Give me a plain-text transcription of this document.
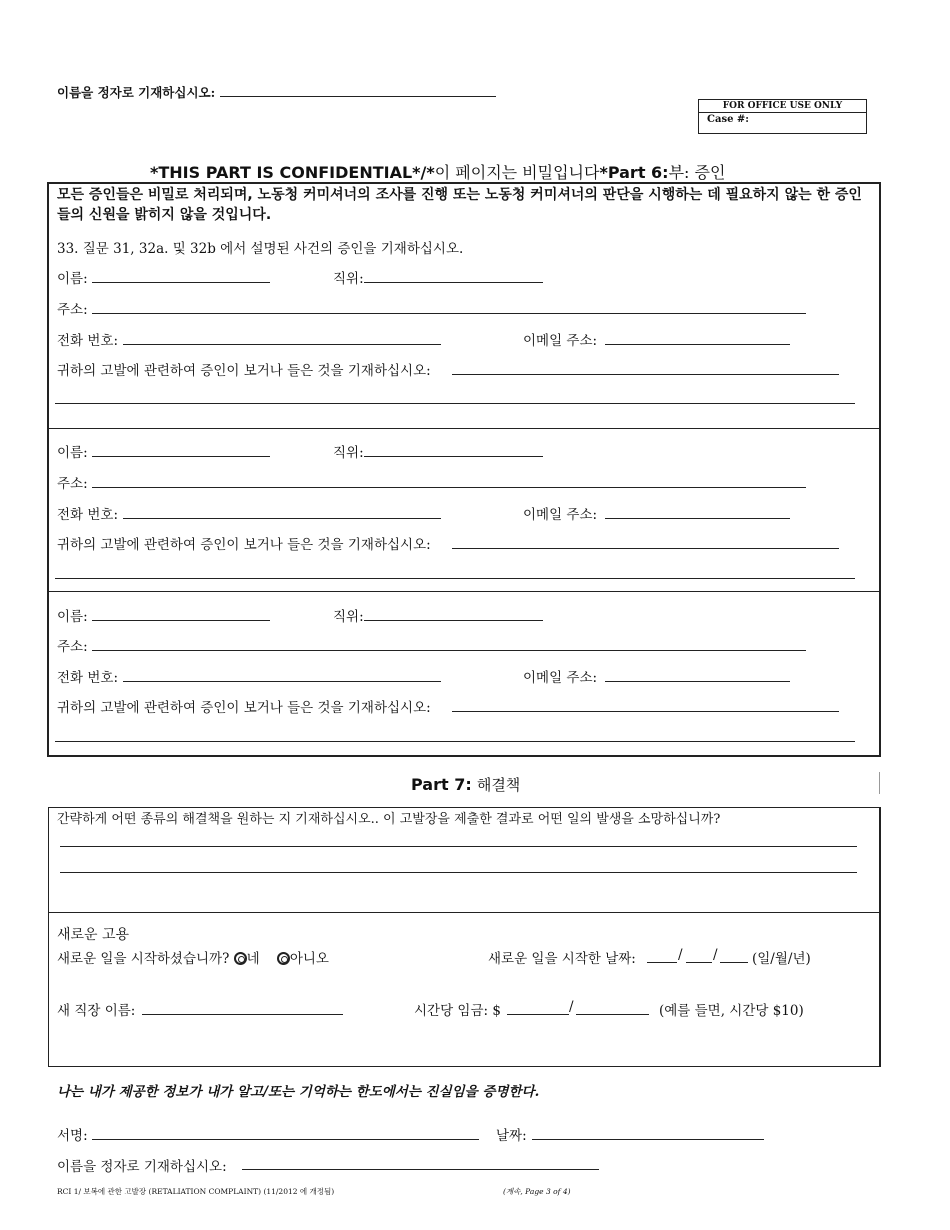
이름을 정자로 기재하십시오:
FOR OFFICE USE ONLY
Case #:
*THIS PART IS CONFIDENTIAL*/*이 페이지는 비밀입니다*Part 6:부: 증인
모든 증인들은 비밀로 처리되며, 노동청 커미셔너의 조사를 진행 또는 노동청 커미셔너의 판단을 시행하는 데 필요하지 않는 한 증인들의 신원을 밝히지 않을 것입니다.
33. 질문 31, 32a. 및 32b 에서 설명된 사건의 증인을 기재하십시오.
이름:	직위:
주소:
전화 번호:	이메일 주소:
귀하의 고발에 관련하여 증인이 보거나 들은 것을 기재하십시오:
이름:	직위:
주소:
전화 번호:	이메일 주소:
귀하의 고발에 관련하여 증인이 보거나 들은 것을 기재하십시오:
이름:	직위:
주소:
전화 번호:	이메일 주소:
귀하의 고발에 관련하여 증인이 보거나 들은 것을 기재하십시오:
Part 7: 해결책
간략하게 어떤 종류의 해결책을 원하는 지 기재하십시오.. 이 고발장을 제출한 결과로 어떤 일의 발생을 소망하십니까?
새로운 고용
새로운 일을 시작하셨습니까? 네 아니오	새로운 일을 시작한 날짜:	/ /	(일/월/년)
새 직장 이름:	시간당 임금: $	/	(예를 들면, 시간당 $10)
나는 내가 제공한 정보가 내가 알고/또는 기억하는 한도에서는 진실임을 증명한다.
서명:	날짜:
이름을 정자로 기재하십시오:
RCI 1/ 보복에 관한 고발장 (RETALIATION COMPLAINT) (11/2012 에 개정됨)	(계속, Page 3 of 4)
